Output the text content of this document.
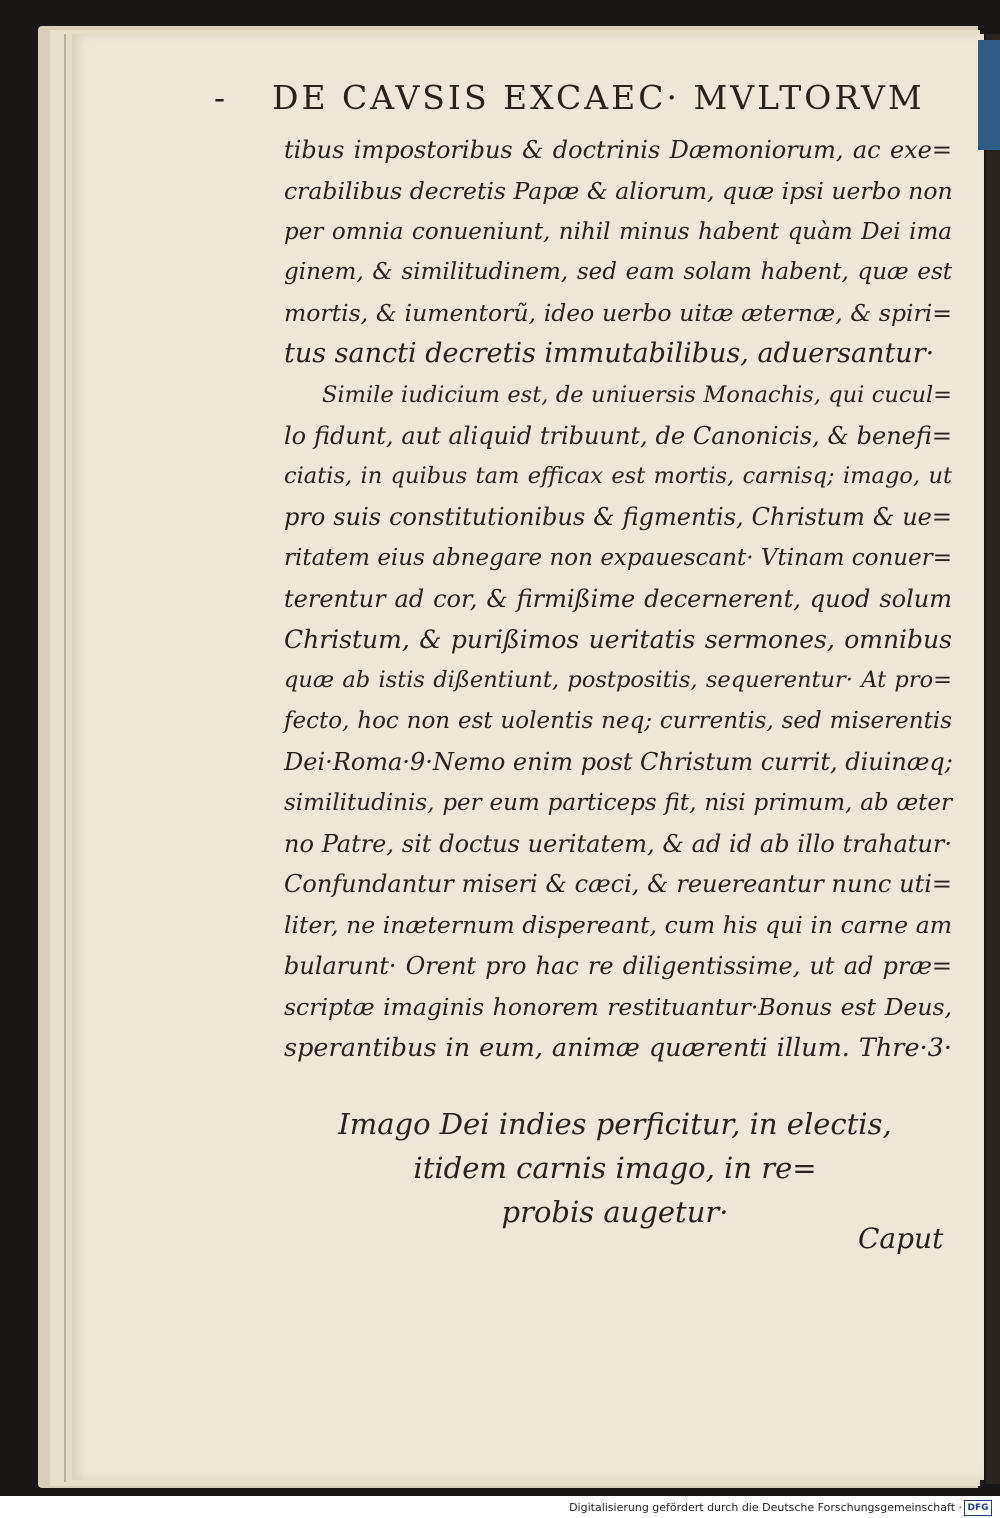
- DE CAVSIS EXCAEC· MVLTORVM
tibus impostoribus & doctrinis Dæmoniorum, ac exe=
crabilibus decretis Papæ & aliorum, quæ ipsi uerbo non
per omnia conueniunt, nihil minus habent quàm Dei ima
ginem, & similitudinem, sed eam solam habent, quæ est
mortis, & iumentorũ, ideo uerbo uitæ æternæ, & spiri=
tus sancti decretis immutabilibus, aduersantur·
Simile iudicium est, de uniuersis Monachis, qui cucul=
lo fidunt, aut aliquid tribuunt, de Canonicis, & benefi=
ciatis, in quibus tam efficax est mortis, carnisq; imago, ut
pro suis constitutionibus & figmentis, Christum & ue=
ritatem eius abnegare non expauescant· Vtinam conuer=
terentur ad cor, & firmißime decernerent, quod solum
Christum, & purißimos ueritatis sermones, omnibus
quæ ab istis dißentiunt, postpositis, sequerentur· At pro=
fecto, hoc non est uolentis neq; currentis, sed miserentis
Dei·Roma·9·Nemo enim post Christum currit, diuinæq;
similitudinis, per eum particeps fit, nisi primum, ab æter
no Patre, sit doctus ueritatem, & ad id ab illo trahatur·
Confundantur miseri & cæci, & reuereantur nunc uti=
liter, ne inæternum dispereant, cum his qui in carne am
bularunt· Orent pro hac re diligentissime, ut ad præ=
scriptæ imaginis honorem restituantur·Bonus est Deus,
sperantibus in eum, animæ quærenti illum. Thre·3·
Imago Dei indies perficitur, in electis,
itidem carnis imago, in re=
probis augetur·
Caput
Digitalisierung gefördert durch die Deutsche Forschungsgemeinschaft · DFG
